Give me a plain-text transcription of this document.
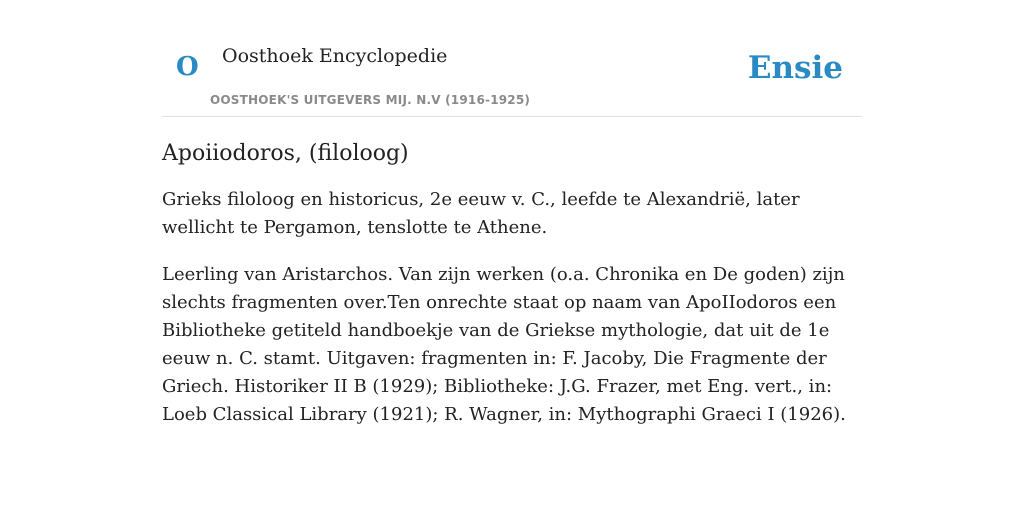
O Oosthoek Encyclopedie
OOSTHOEK'S UITGEVERS MIJ. N.V (1916-1925)
Ensie
Apoiiodoros, (filoloog)

Grieks filoloog en historicus, 2e eeuw v. C., leefde te Alexandrië, later wellicht te Pergamon, tenslotte te Athene.

Leerling van Aristarchos. Van zijn werken (o.a. Chronika en De goden) zijn slechts fragmenten over.Ten onrechte staat op naam van ApoIIodoros een Bibliotheke getiteld handboekje van de Griekse mythologie, dat uit de 1e eeuw n. C. stamt. Uitgaven: fragmenten in: F. Jacoby, Die Fragmente der Griech. Historiker II B (1929); Bibliotheke: J.G. Frazer, met Eng. vert., in: Loeb Classical Library (1921); R. Wagner, in: Mythographi Graeci I (1926).
